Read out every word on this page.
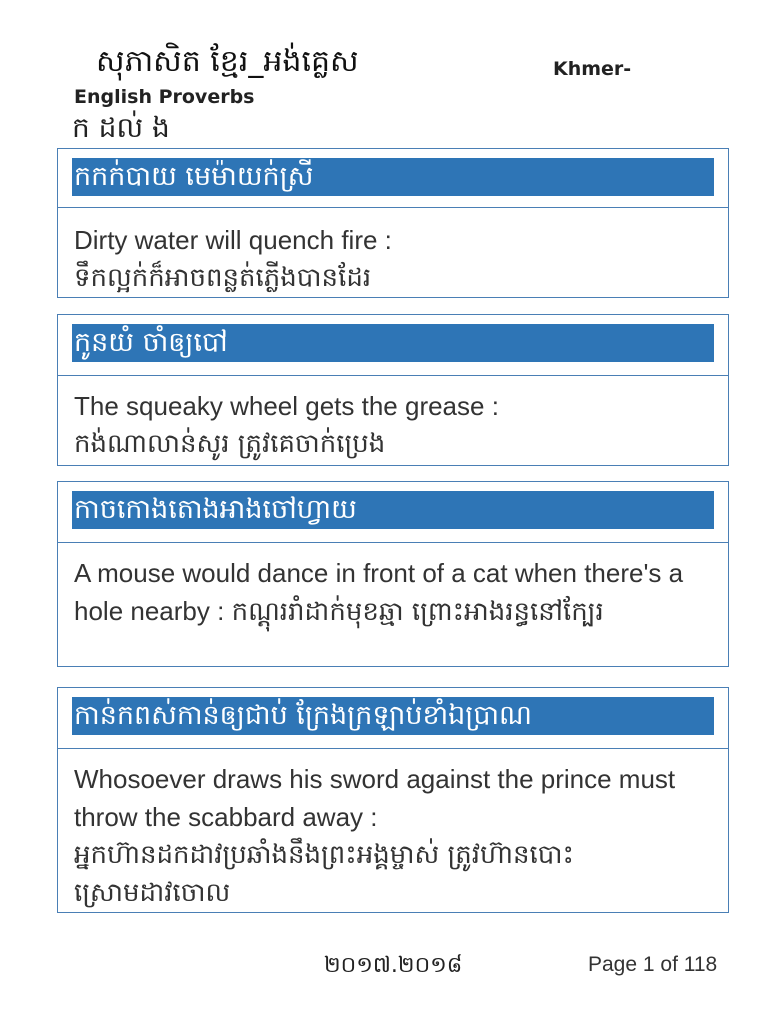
សុភាសិត ខ្មែរ_អង់គ្លេស	Khmer-
English Proverbs
ក ដល់ ង
កកក់បាយ មេម៉ាយក់ស្រី
Dirty water will quench fire :
ទឹកល្អក់ក៏អាចពន្លត់ភ្លើងបានដែរ
កូនយំ ចាំឲ្យបៅ
The squeaky wheel gets the grease :
កង់ណាលាន់សូរ ត្រូវគេចាក់ប្រេង
កាចកោងតោងអាងចៅហ្វាយ
A mouse would dance in front of a cat when there's a hole nearby : កណ្ដុររាំដាក់មុខឆ្មា ព្រោះអាងរន្ធនៅក្បែរ
កាន់កពស់កាន់ឲ្យជាប់ ក្រែងក្រឡាប់ខាំឯប្រាណ
Whosoever draws his sword against the prince must throw the scabbard away :
អ្នកហ៊ានដកដាវប្រឆាំងនឹងព្រះអង្គម្ចាស់ ត្រូវហ៊ានបោះ ស្រោមដាវចោល
២០១៧.២០១៨	Page 1 of 118
